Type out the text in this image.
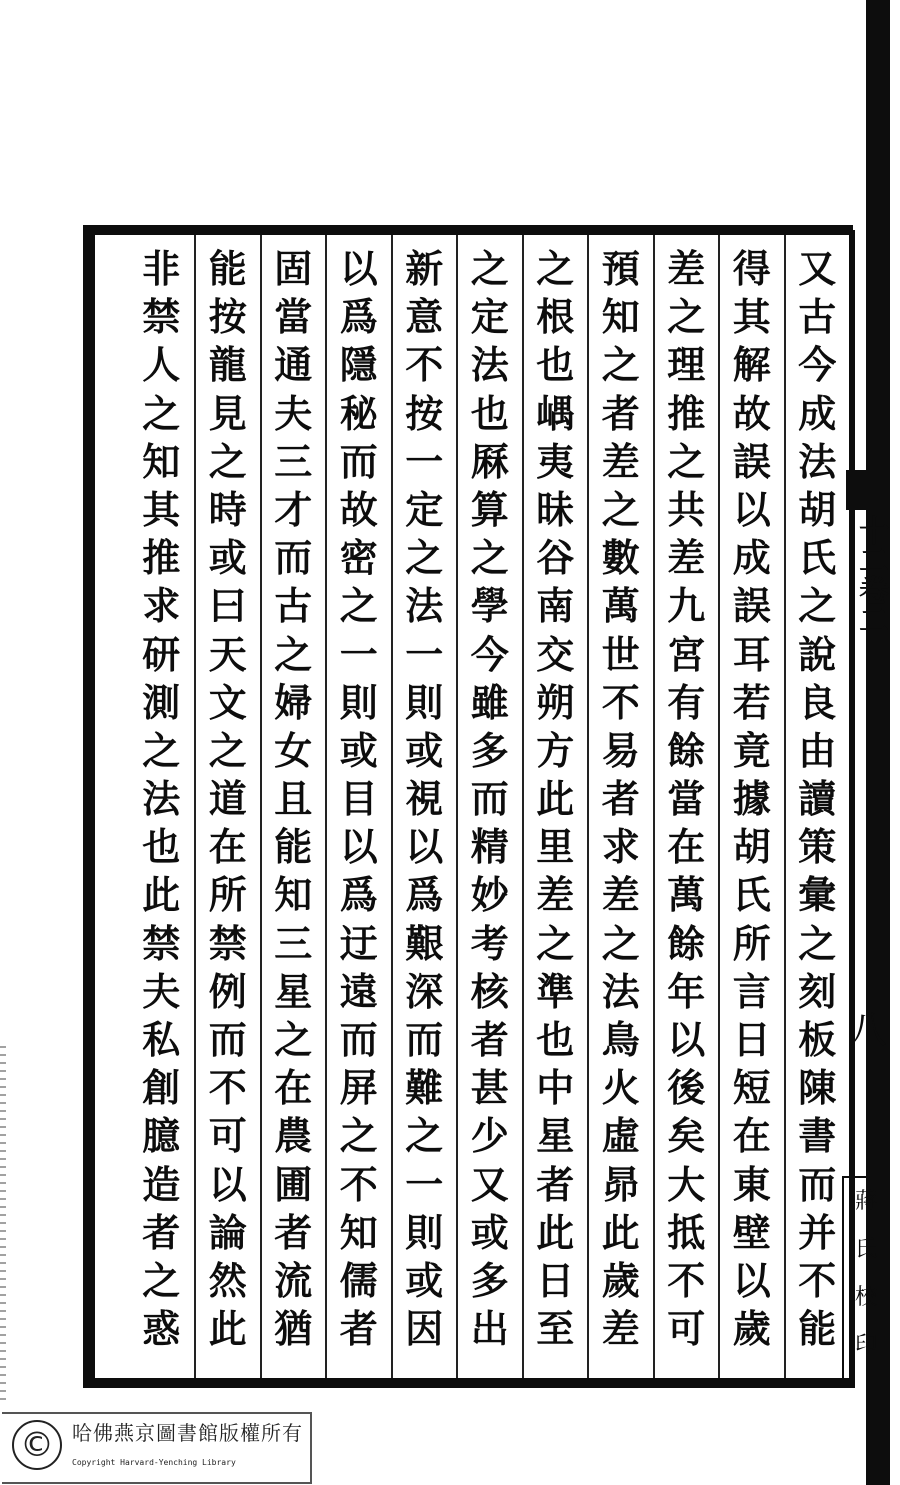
又
古
今
成
法
胡
氏
之
說
良
由
讀
策
彙
之
刻
板
陳
書
而
并
不
能
得
其
解
故
誤
以
成
誤
耳
若
竟
據
胡
氏
所
言
日
短
在
東
壁
以
歲
差
之
理
推
之
共
差
九
宮
有
餘
當
在
萬
餘
年
以
後
矣
大
抵
不
可
預
知
之
者
差
之
數
萬
世
不
易
者
求
差
之
法
鳥
火
虛
昴
此
歲
差
之
根
也
嵎
夷
昧
谷
南
交
朔
方
此
里
差
之
準
也
中
星
者
此
日
至
之
定
法
也
厤
算
之
學
今
雖
多
而
精
妙
考
核
者
甚
少
又
或
多
出
新
意
不
按
一
定
之
法
一
則
或
視
以
爲
艱
深
而
難
之
一
則
或
因
以
爲
隱
秘
而
故
密
之
一
則
或
目
以
爲
迂
遠
而
屏
之
不
知
儒
者
固
當
通
夫
三
才
而
古
之
婦
女
且
能
知
三
星
之
在
農
圃
者
流
猶
能
按
龍
見
之
時
或
曰
天
文
之
道
在
所
禁
例
而
不
可
以
論
然
此
非
禁
人
之
知
其
推
求
研
測
之
法
也
此
禁
夫
私
創
臆
造
者
之
惑
十二卷二
八
蔣
氏
校
印
© 哈佛燕京圖書館版權所有
Copyright Harvard-Yenching Library
